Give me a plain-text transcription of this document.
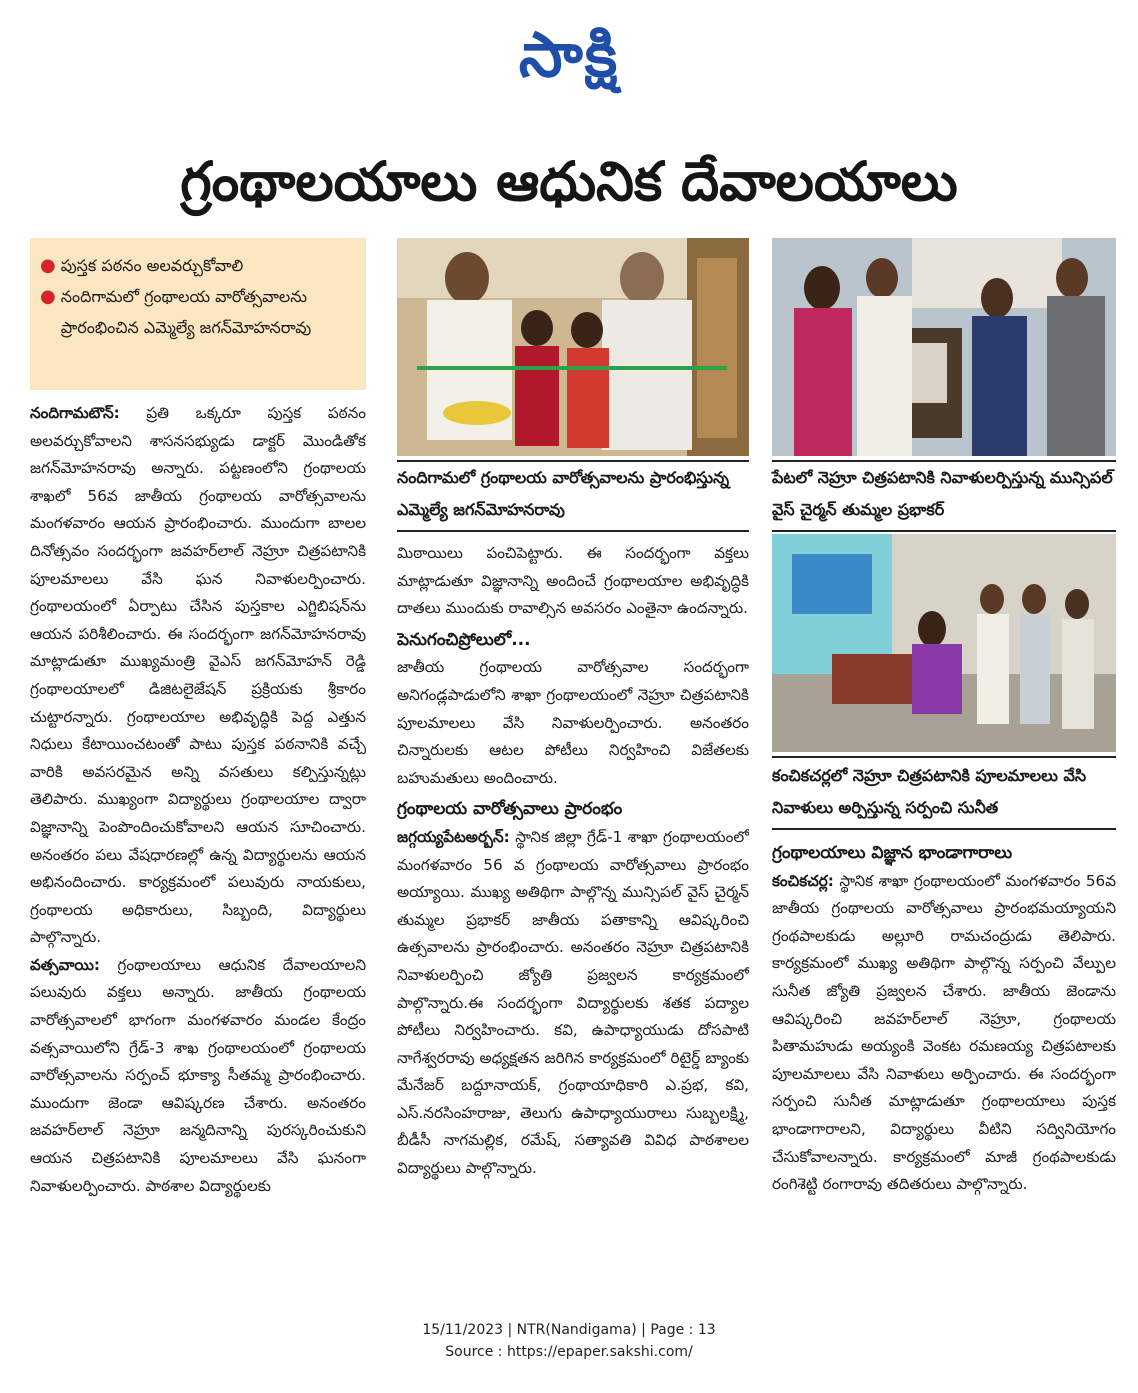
సాక్షి
గ్రంథాలయాలు ఆధునిక దేవాలయాలు
● పుస్తక పఠనం అలవర్చుకోవాలి
● నందిగామలో గ్రంథాలయ వారోత్సవాలను ప్రారంభించిన ఎమ్మెల్యే జగన్‌మోహనరావు

నందిగామటౌన్: ప్రతి ఒక్కరూ పుస్తక పఠనం అలవర్చుకోవాలని శాసనసభ్యుడు డాక్టర్ మొండితోక జగన్‌మోహనరావు అన్నారు. పట్టణంలోని గ్రంథాలయ శాఖలో 56వ జాతీయ గ్రంథాలయ వారోత్సవాలను మంగళవారం ఆయన ప్రారంభించారు. ముందుగా బాలల దినోత్సవం సందర్భంగా జవహర్‌లాల్ నెహ్రూ చిత్రపటానికి పూలమాలలు వేసి ఘన నివాళులర్పించారు. గ్రంథాలయంలో ఏర్పాటు చేసిన పుస్తకాల ఎగ్జిబిషన్‌ను ఆయన పరిశీలించారు. ఈ సందర్భంగా జగన్‌మోహనరావు మాట్లాడుతూ ముఖ్యమంత్రి వైఎస్ జగన్‌మోహన్ రెడ్డి గ్రంథాలయాలలో డిజిటలైజేషన్ ప్రక్రియకు శ్రీకారం చుట్టారన్నారు. గ్రంథాలయాల అభివృద్ధికి పెద్ద ఎత్తున నిధులు కేటాయించటంతో పాటు పుస్తక పఠనానికి వచ్చే వారికి అవసరమైన అన్ని వసతులు కల్పిస్తున్నట్లు తెలిపారు. ముఖ్యంగా విద్యార్థులు గ్రంథాలయాల ద్వారా విజ్ఞానాన్ని పెంపొందించుకోవాలని ఆయన సూచించారు. అనంతరం పలు వేషధారణల్లో ఉన్న విద్యార్థులను ఆయన అభినందించారు. కార్యక్రమంలో పలువురు నాయకులు, గ్రంథాలయ అధికారులు, సిబ్బంది, విద్యార్థులు పాల్గొన్నారు.

వత్సవాయి: గ్రంథాలయాలు ఆధునిక దేవాలయాలని పలువురు వక్తలు అన్నారు. జాతీయ గ్రంథాలయ వారోత్సవాలలో భాగంగా మంగళవారం మండల కేంద్రం వత్సవాయిలోని గ్రేడ్-3 శాఖ గ్రంథాలయంలో గ్రంథాలయ వారోత్సవాలను సర్పంచ్ భూక్యా సీతమ్మ ప్రారంభించారు. ముందుగా జెండా ఆవిష్కరణ చేశారు. అనంతరం జవహర్‌లాల్ నెహ్రూ జన్మదినాన్ని పురస్కరించుకుని ఆయన చిత్రపటానికి పూలమాలలు వేసి ఘనంగా నివాళులర్పించారు. పాఠశాల విద్యార్థులకు

నందిగామలో గ్రంథాలయ వారోత్సవాలను ప్రారంభిస్తున్న ఎమ్మెల్యే జగన్‌మోహనరావు

మిఠాయిలు పంచిపెట్టారు. ఈ సందర్భంగా వక్తలు మాట్లాడుతూ విజ్ఞానాన్ని అందించే గ్రంథాలయాల అభివృద్ధికి దాతలు ముందుకు రావాల్సిన అవసరం ఎంతైనా ఉందన్నారు.

పెనుగంచిప్రోలులో...

జాతీయ గ్రంథాలయ వారోత్సవాల సందర్భంగా అనిగండ్లపాడులోని శాఖా గ్రంథాలయంలో నెహ్రూ చిత్రపటానికి పూలమాలలు వేసి నివాళులర్పించారు. అనంతరం చిన్నారులకు ఆటల పోటీలు నిర్వహించి విజేతలకు బహుమతులు అందించారు.

గ్రంథాలయ వారోత్సవాలు ప్రారంభం

జగ్గయ్యపేటఅర్బన్: స్థానిక జిల్లా గ్రేడ్-1 శాఖా గ్రంథాలయంలో మంగళవారం 56 వ గ్రంథాలయ వారోత్సవాలు ప్రారంభం అయ్యాయి. ముఖ్య అతిథిగా పాల్గొన్న మున్సిపల్ వైస్ చైర్మన్ తుమ్మల ప్రభాకర్ జాతీయ పతాకాన్ని ఆవిష్కరించి ఉత్సవాలను ప్రారంభించారు. అనంతరం నెహ్రూ చిత్రపటానికి నివాళులర్పించి జ్యోతి ప్రజ్వలన కార్యక్రమంలో పాల్గొన్నారు.ఈ సందర్భంగా విద్యార్థులకు శతక పద్యాల పోటీలు నిర్వహించారు. కవి, ఉపాధ్యాయుడు దోసపాటి నాగేశ్వరరావు అధ్యక్షతన జరిగిన కార్యక్రమంలో రిటైర్డ్ బ్యాంకు మేనేజర్ బద్దూనాయక్, గ్రంథాయాధికారి ఎ.ప్రభ, కవి, ఎస్.నరసింహరాజు, తెలుగు ఉపాధ్యాయురాలు సుబ్బలక్ష్మి, బీడీసీ నాగమల్లిక, రమేష్, సత్యావతి వివిధ పాఠశాలల విద్యార్థులు పాల్గొన్నారు.

పేటలో నెహ్రూ చిత్రపటానికి నివాళులర్పిస్తున్న మున్సిపల్ వైస్ చైర్మన్ తుమ్మల ప్రభాకర్
కంచికచర్లలో నెహ్రూ చిత్రపటానికి పూలమాలలు వేసి నివాళులు అర్పిస్తున్న సర్పంచి సునీత

గ్రంథాలయాలు విజ్ఞాన భాండాగారాలు

కంచికచర్ల: స్థానిక శాఖా గ్రంథాలయంలో మంగళవారం 56వ జాతీయ గ్రంథాలయ వారోత్సవాలు ప్రారంభమయ్యాయని గ్రంథపాలకుడు అల్లూరి రామచంద్రుడు తెలిపారు. కార్యక్రమంలో ముఖ్య అతిథిగా పాల్గొన్న సర్పంచి వేల్పుల సునీత జ్యోతి ప్రజ్వలన చేశారు. జాతీయ జెండాను ఆవిష్కరించి జవహర్‌లాల్ నెహ్రూ, గ్రంథాలయ పితామహుడు అయ్యంకి వెంకట రమణయ్య చిత్రపటాలకు పూలమాలలు వేసి నివాళులు అర్పించారు. ఈ సందర్భంగా సర్పంచి సునీత మాట్లాడుతూ గ్రంథాలయాలు పుస్తక భాండాగారాలని, విద్యార్థులు వీటిని సద్వినియోగం చేసుకోవాలన్నారు. కార్యక్రమంలో మాజీ గ్రంథపాలకుడు రంగిశెట్టి రంగారావు తదితరులు పాల్గొన్నారు.

15/11/2023 | NTR(Nandigama) | Page : 13
Source : https://epaper.sakshi.com/
